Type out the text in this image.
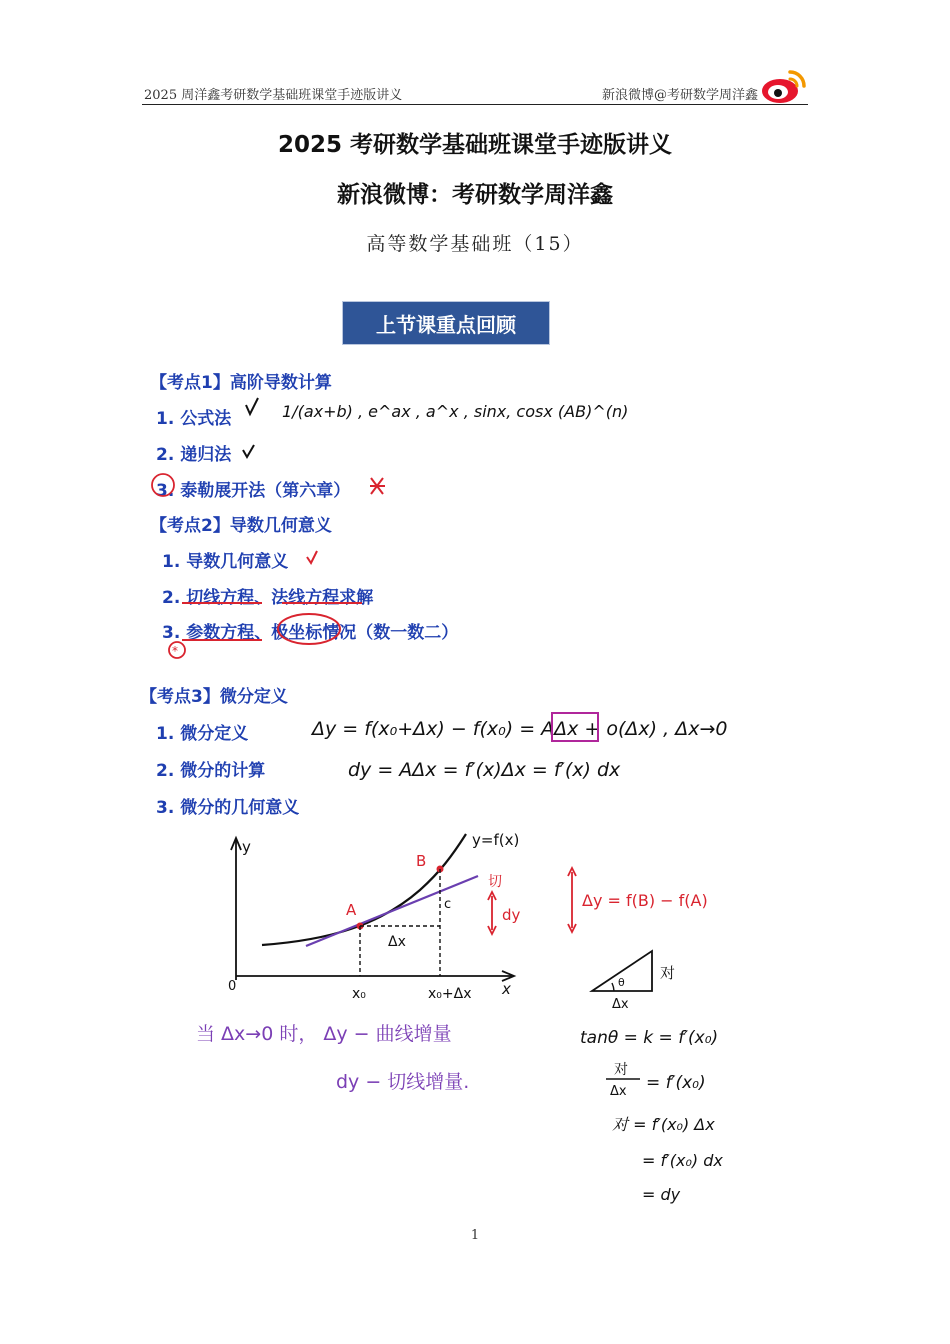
2025 周洋鑫考研数学基础班课堂手迹版讲义	新浪微博@考研数学周洋鑫
2025 考研数学基础班课堂手迹版讲义
新浪微博：考研数学周洋鑫
高等数学基础班（15）
上节课重点回顾
【考点1】高阶导数计算
1. 公式法
2. 递归法
3. 泰勒展开法（第六章）
【考点2】导数几何意义
1. 导数几何意义
2. 切线方程、法线方程求解
3. 参数方程、极坐标情况（数一数二）
【考点3】微分定义
1. 微分定义
2. 微分的计算
3. 微分的几何意义
1/(ax+b) , e^ax , a^x , sinx, cosx (AB)^(n)
*
Δy = f(x₀+Δx) − f(x₀) = AΔx + o(Δx) , Δx→0
dy = AΔx = f′(x)Δx = f′(x) dx
y
x
0
y=f(x)
切
A
B
c
Δx
x₀	x₀+Δx
dy
Δy = f(B) − f(A)
当 Δx→0 时， Δy − 曲线增量
dy − 切线增量.
θ
对
Δx
tanθ = k = f′(x₀)
对
Δx = f′(x₀)
对 = f′(x₀) Δx
= f′(x₀) dx
= dy
1
